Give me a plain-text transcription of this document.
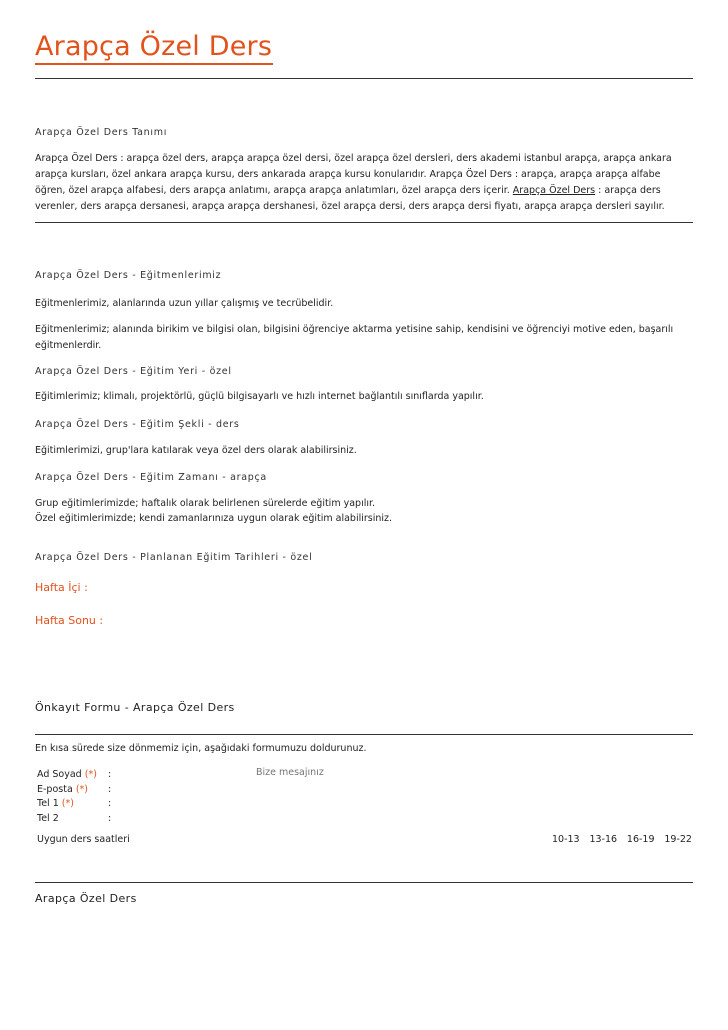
Arapça Özel Ders
Arapça Özel Ders Tanımı
Arapça Özel Ders : arapça özel ders, arapça arapça özel dersi, özel arapça özel dersleri, ders akademi istanbul arapça, arapça ankara arapça kursları, özel ankara arapça kursu, ders ankarada arapça kursu konularıdır. Arapça Özel Ders : arapça, arapça arapça alfabe öğren, özel arapça alfabesi, ders arapça anlatımı, arapça arapça anlatımları, özel arapça ders içerir. Arapça Özel Ders : arapça ders verenler, ders arapça dersanesi, arapça arapça dershanesi, özel arapça dersi, ders arapça dersi fiyatı, arapça arapça dersleri sayılır.
Arapça Özel Ders - Eğitmenlerimiz
Eğitmenlerimiz, alanlarında uzun yıllar çalışmış ve tecrübelidir.
Eğitmenlerimiz; alanında birikim ve bilgisi olan, bilgisini öğrenciye aktarma yetisine sahip, kendisini ve öğrenciyi motive eden, başarılı eğitmenlerdir.
Arapça Özel Ders - Eğitim Yeri - özel
Eğitimlerimiz; klimalı, projektörlü, güçlü bilgisayarlı ve hızlı internet bağlantılı sınıflarda yapılır.
Arapça Özel Ders - Eğitim Şekli - ders
Eğitimlerimizi, grup'lara katılarak veya özel ders olarak alabilirsiniz.
Arapça Özel Ders - Eğitim Zamanı - arapça
Grup eğitimlerimizde; haftalık olarak belirlenen sürelerde eğitim yapılır.
Özel eğitimlerimizde; kendi zamanlarınıza uygun olarak eğitim alabilirsiniz.
Arapça Özel Ders - Planlanan Eğitim Tarihleri - özel
Hafta İçi :
Hafta Sonu :
Önkayıt Formu - Arapça Özel Ders
En kısa sürede size dönmemiz için, aşağıdaki formumuzu doldurunuz.
Ad Soyad (*) :
E-posta (*) :
Tel 1 (*)	:
Tel 2	:
Bize mesajınız
Uygun ders saatleri	10-13 13-16 16-19 19-22
Arapça Özel Ders
